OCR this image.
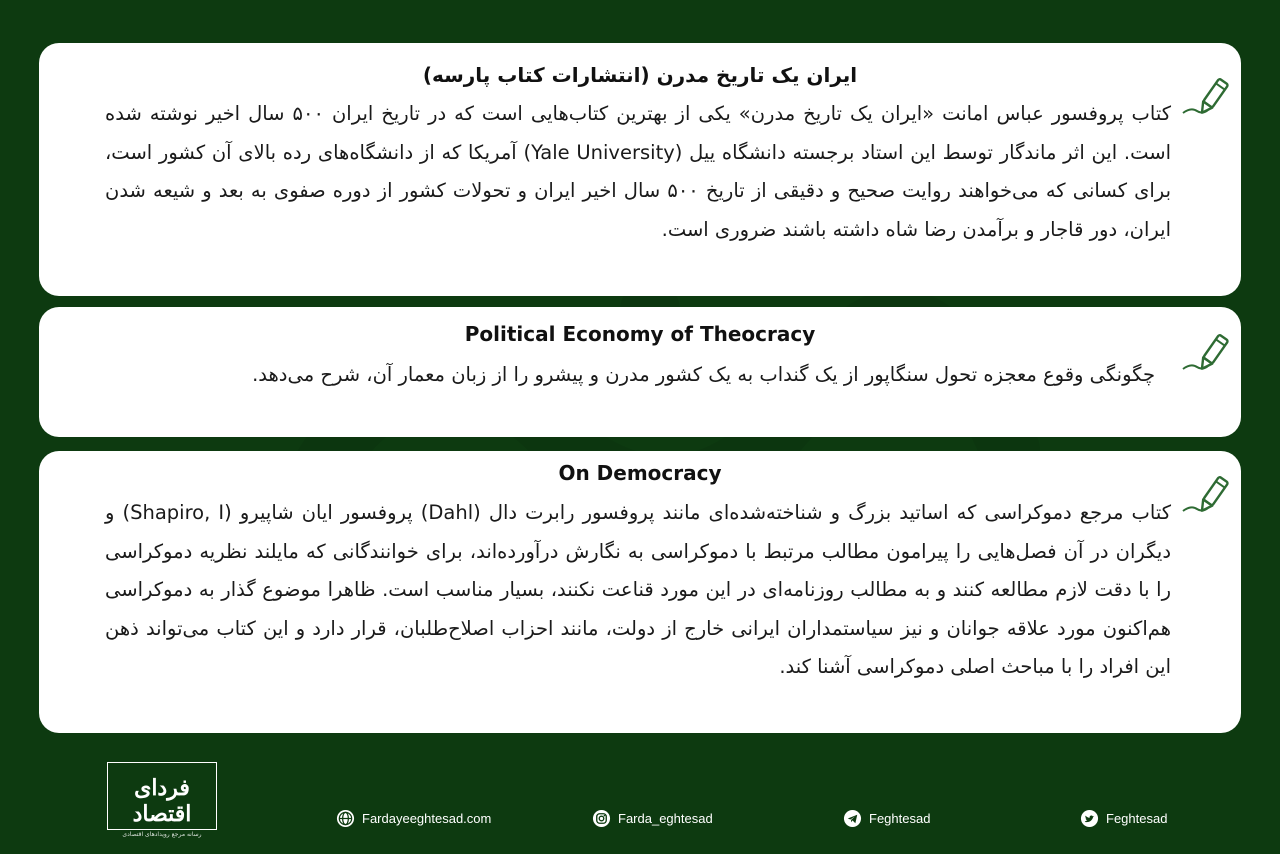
ایران یک تاریخ مدرن (انتشارات کتاب پارسه)
کتاب پروفسور عباس امانت «ایران یک تاریخ مدرن» یکی از بهترین کتاب‌هایی است که در تاریخ ایران ۵۰۰ سال اخیر نوشته شده است. این اثر ماندگار توسط این استاد برجسته دانشگاه ییل (Yale University) آمریکا که از دانشگاه‌های رده بالای آن کشور است، برای کسانی که می‌خواهند روایت صحیح و دقیقی از تاریخ ۵۰۰ سال اخیر ایران و تحولات کشور از دوره صفوی به بعد و شیعه شدن ایران، دور قاجار و برآمدن رضا شاه داشته باشند ضروری است.
Political Economy of Theocracy
چگونگی وقوع معجزه تحول سنگاپور از یک گنداب به یک کشور مدرن و پیشرو را از زبان معمار آن، شرح می‌دهد.
On Democracy
کتاب مرجع دموکراسی که اساتید بزرگ و شناخته‌شده‌ای مانند پروفسور رابرت دال (Dahl) پروفسور ایان شاپیرو (Shapiro, I) و دیگران در آن فصل‌هایی را پیرامون مطالب مرتبط با دموکراسی به نگارش درآورده‌اند، برای خوانندگانی که مایلند نظریه دموکراسی را با دقت لازم مطالعه کنند و به مطالب روزنامه‌ای در این مورد قناعت نکنند، بسیار مناسب است. ظاهرا موضوع گذار به دموکراسی هم‌اکنون مورد علاقه جوانان و نیز سیاستمداران ایرانی خارج از دولت، مانند احزاب اصلاح‌طلبان، قرار دارد و این کتاب می‌تواند ذهن این افراد را با مباحث اصلی دموکراسی آشنا کند.
فردای اقتصاد
رسانه مرجع رویدادهای اقتصادی
Fardayeeghtesad.com	Farda_eghtesad	Feghtesad	Feghtesad
